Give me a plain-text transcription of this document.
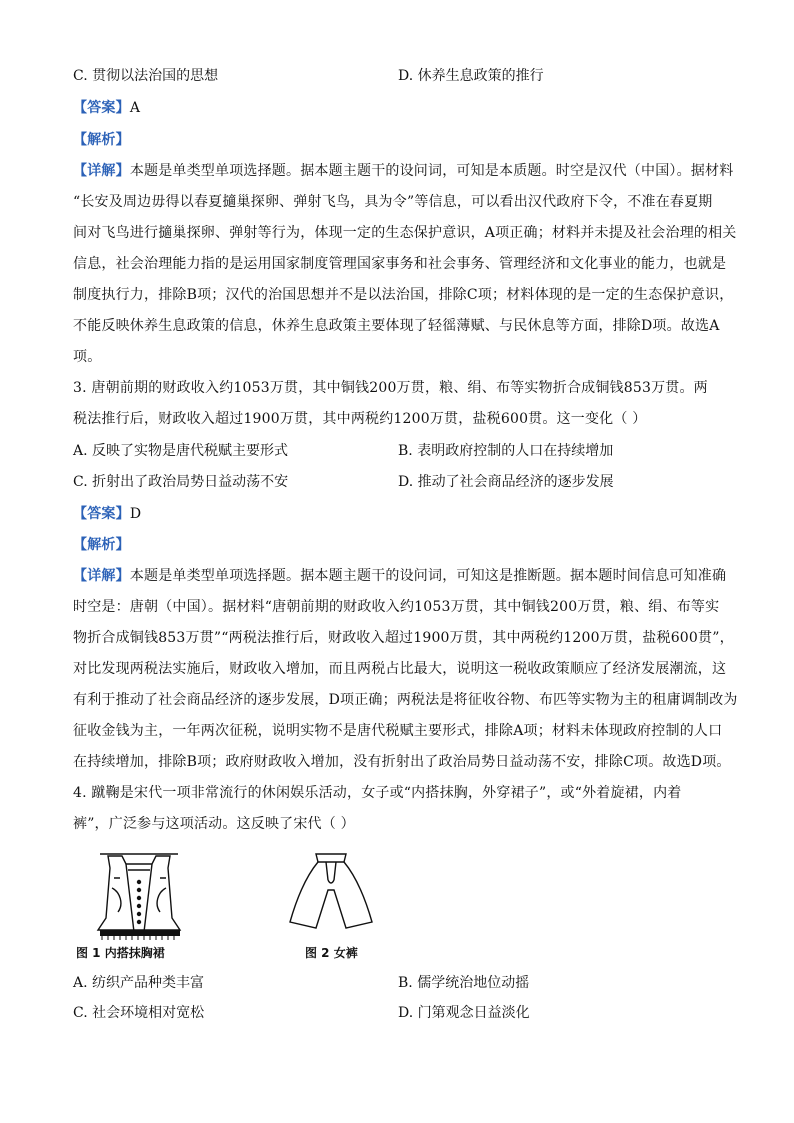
C. 贯彻以法治国的思想	D. 休养生息政策的推行
【答案】A
【解析】
【详解】本题是单类型单项选择题。据本题主题干的设问词，可知是本质题。时空是汉代（中国）。据材料
“长安及周边毋得以春夏擿巢探卵、弹射飞鸟，具为令”等信息，可以看出汉代政府下令，不准在春夏期
间对飞鸟进行擿巢探卵、弹射等行为，体现一定的生态保护意识，A项正确；材料并未提及社会治理的相关
信息，社会治理能力指的是运用国家制度管理国家事务和社会事务、管理经济和文化事业的能力，也就是
制度执行力，排除B项；汉代的治国思想并不是以法治国，排除C项；材料体现的是一定的生态保护意识，
不能反映休养生息政策的信息，休养生息政策主要体现了轻徭薄赋、与民休息等方面，排除D项。故选A
项。
3. 唐朝前期的财政收入约1053万贯，其中铜钱200万贯，粮、绢、布等实物折合成铜钱853万贯。两
税法推行后，财政收入超过1900万贯，其中两税约1200万贯，盐税600贯。这一变化（ ）
A. 反映了实物是唐代税赋主要形式	B. 表明政府控制的人口在持续增加
C. 折射出了政治局势日益动荡不安	D. 推动了社会商品经济的逐步发展
【答案】D
【解析】
【详解】本题是单类型单项选择题。据本题主题干的设问词，可知这是推断题。据本题时间信息可知准确
时空是：唐朝（中国）。据材料“唐朝前期的财政收入约1053万贯，其中铜钱200万贯，粮、绢、布等实
物折合成铜钱853万贯”“两税法推行后，财政收入超过1900万贯，其中两税约1200万贯，盐税600贯”，
对比发现两税法实施后，财政收入增加，而且两税占比最大，说明这一税收政策顺应了经济发展潮流，这
有利于推动了社会商品经济的逐步发展，D项正确；两税法是将征收谷物、布匹等实物为主的租庸调制改为
征收金钱为主，一年两次征税，说明实物不是唐代税赋主要形式，排除A项；材料未体现政府控制的人口
在持续增加，排除B项；政府财政收入增加，没有折射出了政治局势日益动荡不安，排除C项。故选D项。
4. 蹴鞠是宋代一项非常流行的休闲娱乐活动，女子或“内搭抹胸，外穿裙子”，或“外着旋裙，内着
裤”，广泛参与这项活动。这反映了宋代（ ）
图 1 内搭抹胸裙	图 2 女裤
A. 纺织产品种类丰富	B. 儒学统治地位动摇
C. 社会环境相对宽松	D. 门第观念日益淡化
